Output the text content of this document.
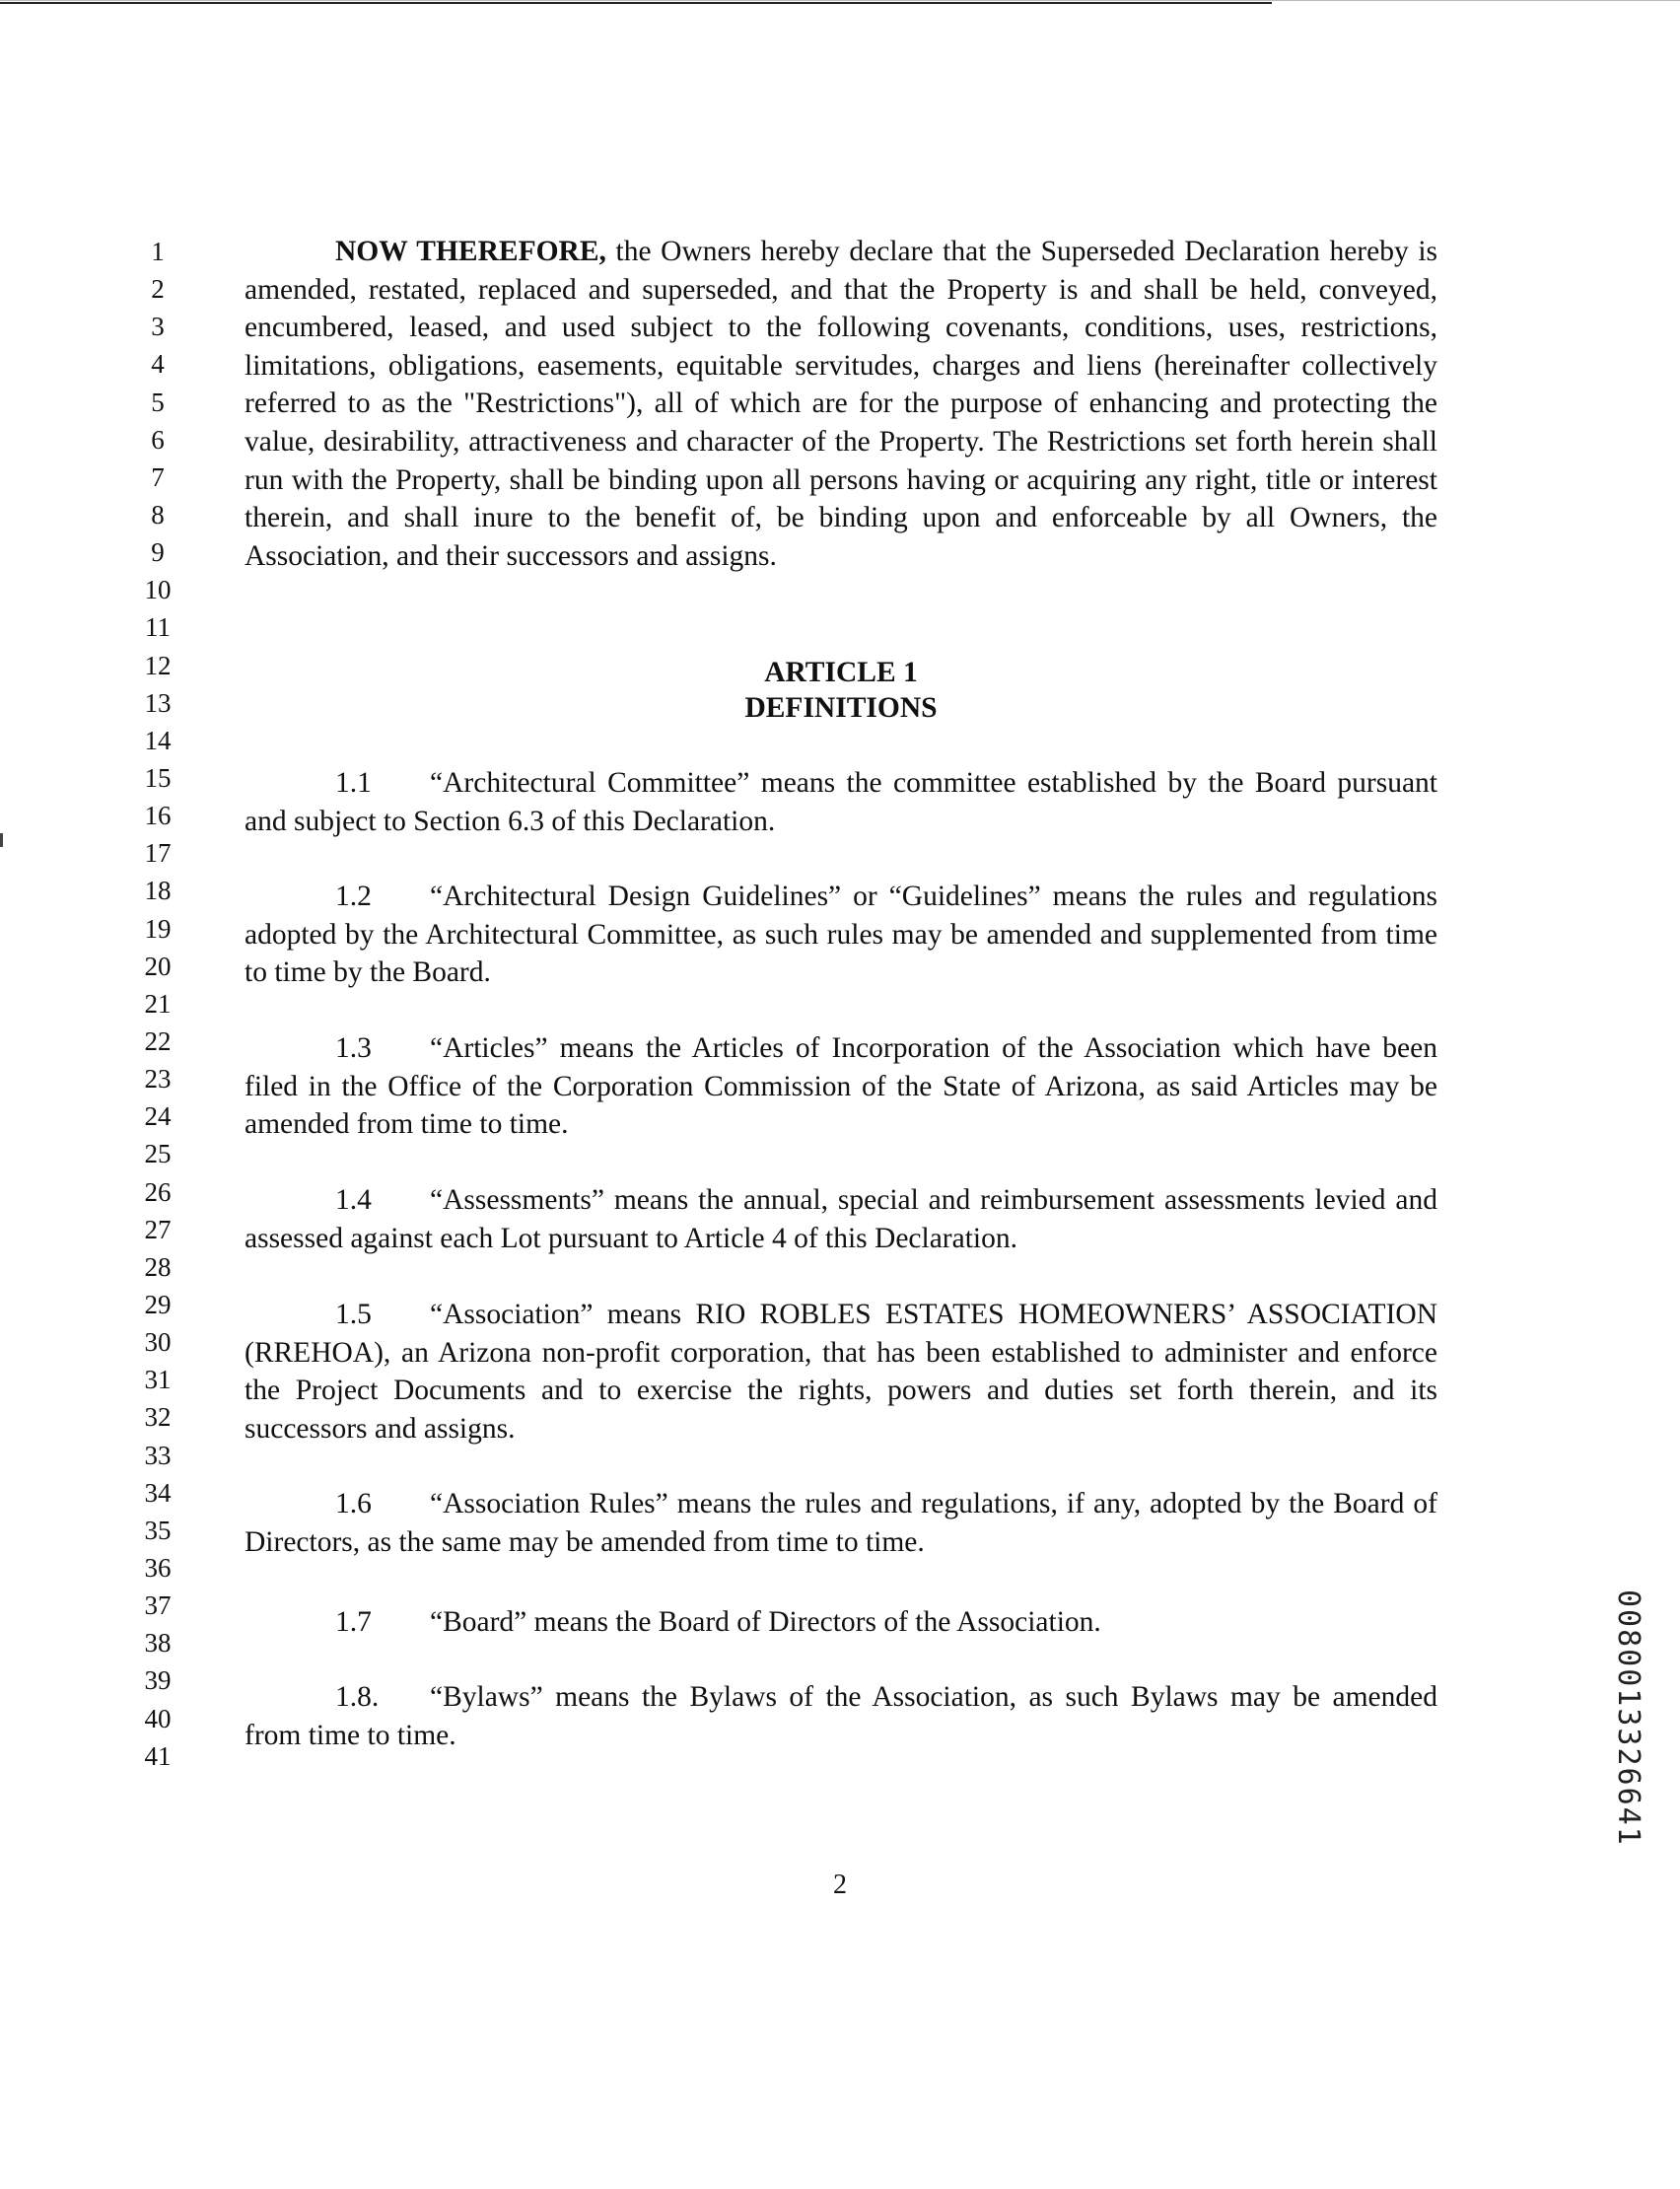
1
2
3
4
5
6
7
8
9
10
11
12
13
14
15
16
17
18
19
20
21
22
23
24
25
26
27
28
29
30
31
32
33
34
35
36
37
38
39
40
41
NOW THEREFORE, the Owners hereby declare that the Superseded Declaration hereby is amended, restated, replaced and superseded, and that the Property is and shall be held, conveyed, encumbered, leased, and used subject to the following covenants, conditions, uses, restrictions, limitations, obligations, easements, equitable servitudes, charges and liens (hereinafter collectively referred to as the "Restrictions"), all of which are for the purpose of enhancing and protecting the value, desirability, attractiveness and character of the Property. The Restrictions set forth herein shall run with the Property, shall be binding upon all persons having or acquiring any right, title or interest therein, and shall inure to the benefit of, be binding upon and enforceable by all Owners, the Association, and their successors and assigns.
ARTICLE 1
DEFINITIONS
1.1 “Architectural Committee” means the committee established by the Board pursuant and subject to Section 6.3 of this Declaration.
1.2 “Architectural Design Guidelines” or “Guidelines” means the rules and regulations adopted by the Architectural Committee, as such rules may be amended and supplemented from time to time by the Board.
1.3 “Articles” means the Articles of Incorporation of the Association which have been filed in the Office of the Corporation Commission of the State of Arizona, as said Articles may be amended from time to time.
1.4 “Assessments” means the annual, special and reimbursement assessments levied and assessed against each Lot pursuant to Article 4 of this Declaration.
1.5 “Association” means RIO ROBLES ESTATES HOMEOWNERS’ ASSOCIATION (RREHOA), an Arizona non-profit corporation, that has been established to administer and enforce the Project Documents and to exercise the rights, powers and duties set forth therein, and its successors and assigns.
1.6 “Association Rules” means the rules and regulations, if any, adopted by the Board of Directors, as the same may be amended from time to time.
1.7 “Board” means the Board of Directors of the Association.
1.8. “Bylaws” means the Bylaws of the Association, as such Bylaws may be amended from time to time.
2
0080013326641
